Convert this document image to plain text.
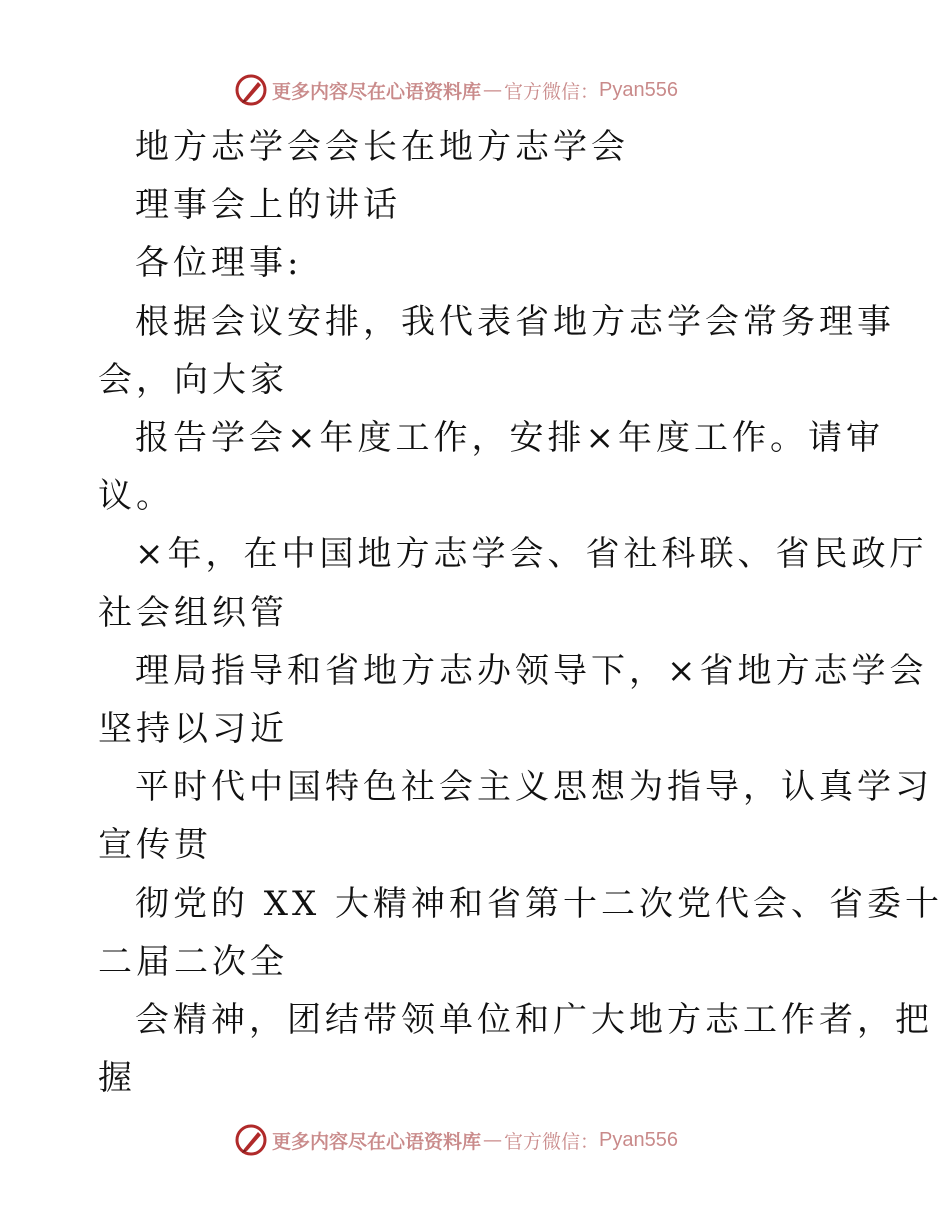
更多内容尽在心语资料库 — 官方微信： Pyan556

地方志学会会长在地方志学会

理事会上的讲话

各位理事:

根据会议安排，我代表省地方志学会常务理事

会，向大家

报告学会×年度工作，安排×年度工作。请审

议。

×年，在中国地方志学会、省社科联、省民政厅

社会组织管

理局指导和省地方志办领导下，×省地方志学会

坚持以习近

平时代中国特色社会主义思想为指导，认真学习

宣传贯

彻党的 XX 大精神和省第十二次党代会、省委十

二届二次全

会精神，团结带领单位和广大地方志工作者，把

握

更多内容尽在心语资料库 — 官方微信： Pyan556
